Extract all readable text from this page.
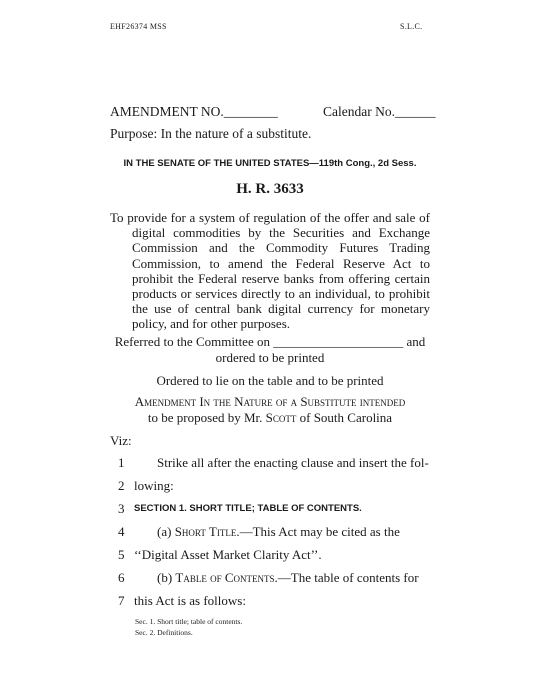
EHF26374 MSS	S.L.C.
AMENDMENT NO.________	Calendar No.______
Purpose: In the nature of a substitute.
IN THE SENATE OF THE UNITED STATES—119th Cong., 2d Sess.
H. R. 3633

To provide for a system of regulation of the offer and sale of digital commodities by the Securities and Exchange Commission and the Commodity Futures Trading Commission, to amend the Federal Reserve Act to prohibit the Federal reserve banks from offering certain products or services directly to an individual, to prohibit the use of central bank digital currency for monetary policy, and for other purposes.

Referred to the Committee on ____________________ and
ordered to be printed
Ordered to lie on the table and to be printed
Amendment In the Nature of a Substitute intended
to be proposed by Mr. Scott of South Carolina
Viz:
1	Strike all after the enacting clause and insert the fol-
2 lowing:
3 SECTION 1. SHORT TITLE; TABLE OF CONTENTS.
4	(a) Short Title.—This Act may be cited as the
5 ‘‘Digital Asset Market Clarity Act’’.
6	(b) Table of Contents.—The table of contents for
7 this Act is as follows:
Sec. 1. Short title; table of contents.
Sec. 2. Definitions.
